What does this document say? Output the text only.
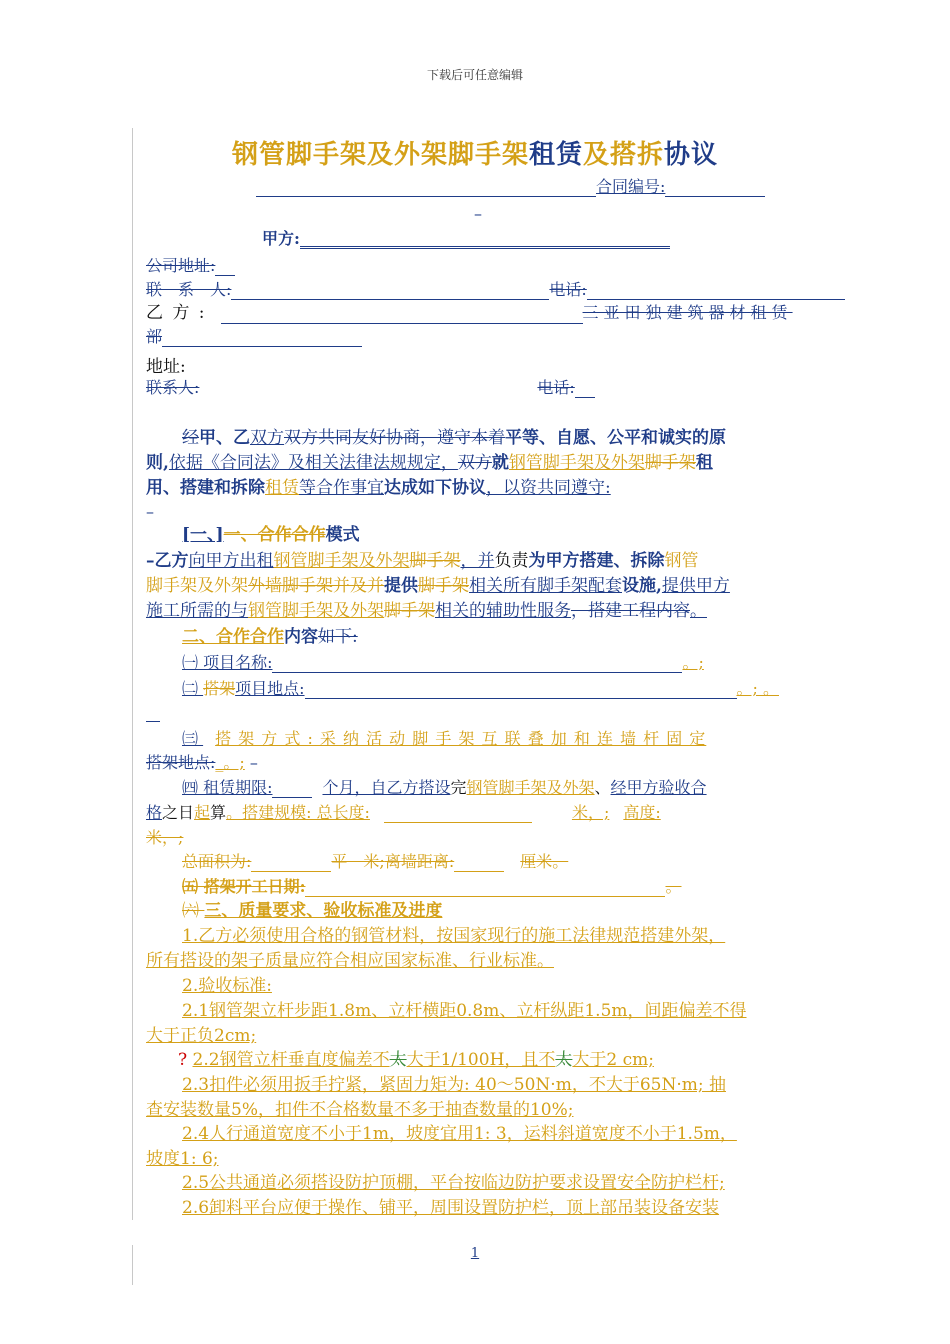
下载后可任意编辑
钢管脚手架及外架脚手架租赁及搭拆协议
合同编号:
–
甲方:
公司地址:
联　系　人:	电话:
乙 方 :	三亚田独建筑器材租赁
部
地址:
联系人:	电话:
经甲、乙双方双方共同友好协商，遵守本着平等、自愿、公平和诚实的原
则,依据《合同法》及相关法律法规规定，双方就钢管脚手架及外架脚手架租
用、搭建和拆除租赁等合作事宜达成如下协议，以资共同遵守:
–
[一、]一、合作合作模式
–乙方向甲方出租钢管脚手架及外架脚手架，并负责为甲方搭建、拆除钢管
脚手架及外架外墙脚手架并及并提供脚手架相关所有脚手架配套设施,提供甲方
施工所需的与钢管脚手架及外架脚手架相关的辅助性服务，搭建工程内容。
二、合作合作内容如下:
㈠ 项目名称:	。;
㈡ 搭架项目地点:	。; 。
㈢ 搭 架 方 式 : 采 纳 活 动 脚 手 架 互 联 叠 加 和 连 墙 杆 固 定
搭架地点:_。; –
㈣ 租赁期限:	个月，自乙方搭设完钢管脚手架及外架、经甲方验收合
格之日起算。搭建规模: 总长度:	米，; 高度:
米，;
总面积为:	平　米;离墙距离:	厘米。
㈤ 搭架开工日期:	。
㈥ 三、质量要求、验收标准及进度
1.乙方必须使用合格的钢管材料，按国家现行的施工法律规范搭建外架，
所有搭设的架子质量应符合相应国家标准、行业标准。
2.验收标准:
2.1钢管架立杆步距1.8m、立杆横距0.8m、立杆纵距1.5m，间距偏差不得
大于正负2cm;
? 2.2钢管立杆垂直度偏差不太大于1/100H，且不太大于2 cm;
2.3扣件必须用扳手拧紧，紧固力矩为: 40～50N·m，不大于65N·m; 抽
查安装数量5%，扣件不合格数量不多于抽查数量的10%;
2.4人行通道宽度不小于1m，坡度宜用1: 3，运料斜道宽度不小于1.5m，
坡度1: 6;
2.5公共通道必须搭设防护顶棚，平台按临边防护要求设置安全防护栏杆;
2.6卸料平台应便于操作、铺平，周围设置防护栏，顶上部吊装设备安装
1
